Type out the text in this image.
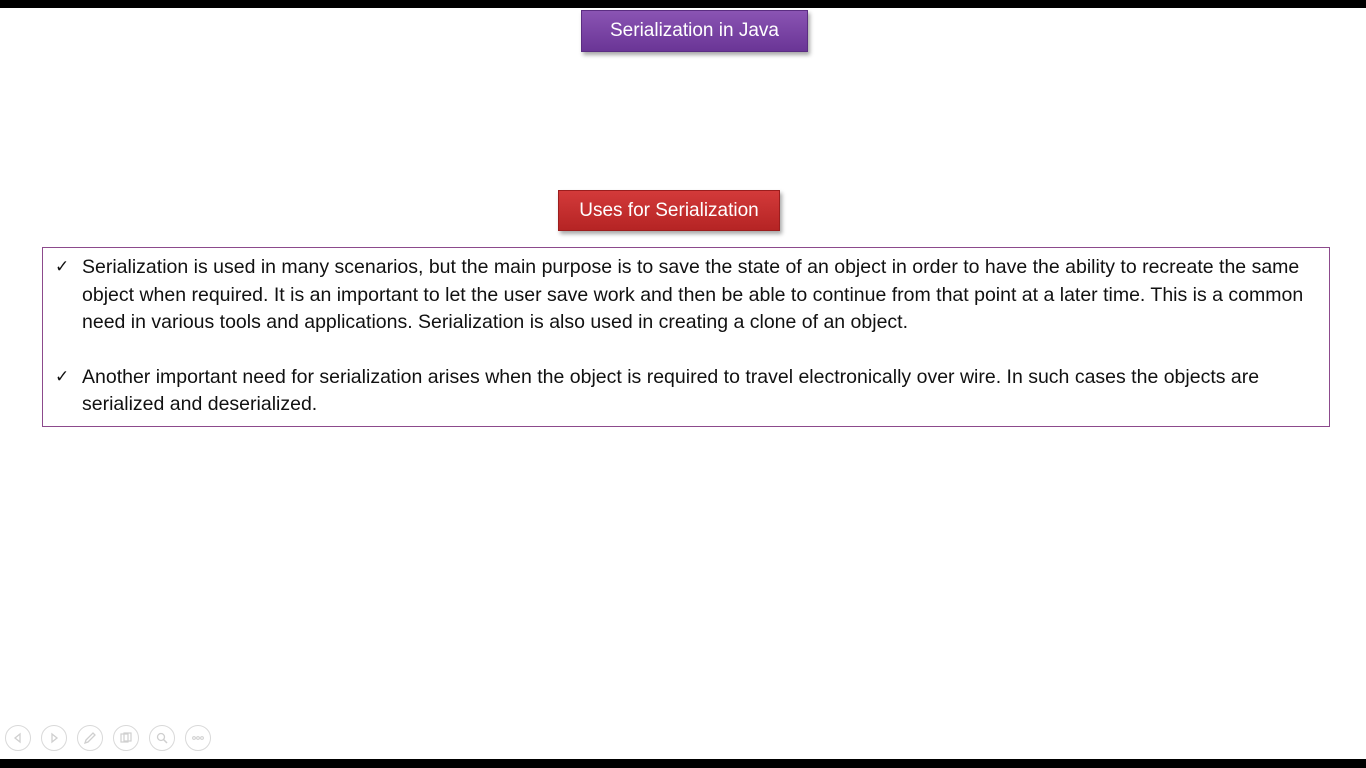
Serialization in Java
Uses for Serialization
✓ Serialization is used in many scenarios, but the main purpose is to save the state of an object in order to have the ability to recreate the same object when required. It is an important to let the user save work and then be able to continue from that point at a later time. This is a common need in various tools and applications. Serialization is also used in creating a clone of an object.
✓ Another important need for serialization arises when the object is required to travel electronically over wire. In such cases the objects are serialized and deserialized.
